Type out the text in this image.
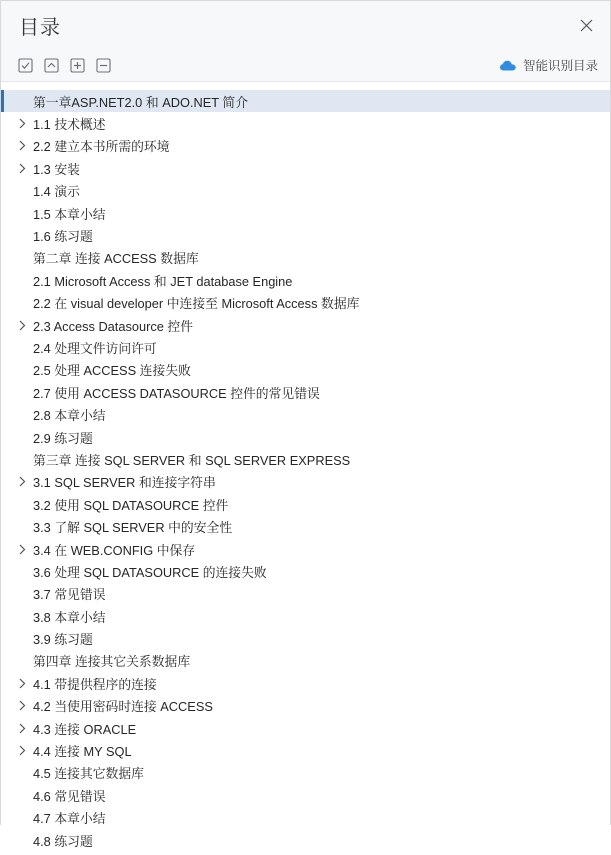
目录
智能识别目录
第一章ASP.NET2.0 和 ADO.NET 简介
1.1 技术概述
2.2 建立本书所需的环境
1.3 安装
1.4 演示
1.5 本章小结
1.6 练习题
第二章 连接 ACCESS 数据库
2.1 Microsoft Access 和 JET database Engine
2.2 在 visual developer 中连接至 Microsoft Access 数据库
2.3 Access Datasource 控件
2.4 处理文件访问许可
2.5 处理 ACCESS 连接失败
2.7 使用 ACCESS DATASOURCE 控件的常见错误
2.8 本章小结
2.9 练习题
第三章 连接 SQL SERVER 和 SQL SERVER EXPRESS
3.1 SQL SERVER 和连接字符串
3.2 使用 SQL DATASOURCE 控件
3.3 了解 SQL SERVER 中的安全性
3.4 在 WEB.CONFIG 中保存
3.6 处理 SQL DATASOURCE 的连接失败
3.7 常见错误
3.8 本章小结
3.9 练习题
第四章 连接其它关系数据库
4.1 带提供程序的连接
4.2 当使用密码时连接 ACCESS
4.3 连接 ORACLE
4.4 连接 MY SQL
4.5 连接其它数据库
4.6 常见错误
4.7 本章小结
4.8 练习题
